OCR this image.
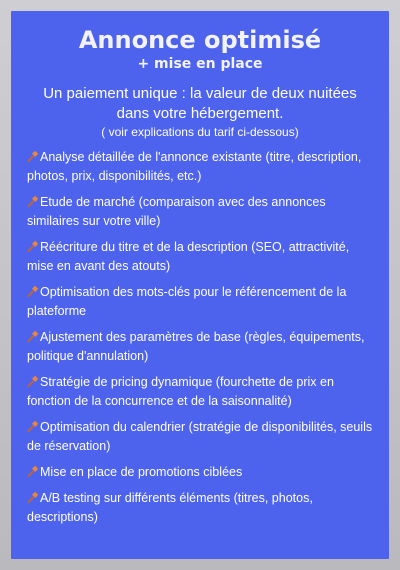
Annonce optimisé
+ mise en place
Un paiement unique : la valeur de deux nuitées dans votre hébergement.
( voir explications du tarif ci-dessous)
Analyse détaillée de l'annonce existante (titre, description, photos, prix, disponibilités, etc.)
Etude de marché (comparaison avec des annonces similaires sur votre ville)
Réécriture du titre et de la description (SEO, attractivité, mise en avant des atouts)
Optimisation des mots-clés pour le référencement de la plateforme
Ajustement des paramètres de base (règles, équipements, politique d'annulation)
Stratégie de pricing dynamique (fourchette de prix en fonction de la concurrence et de la saisonnalité)
Optimisation du calendrier (stratégie de disponibilités, seuils de réservation)
Mise en place de promotions ciblées
A/B testing sur différents éléments (titres, photos, descriptions)
